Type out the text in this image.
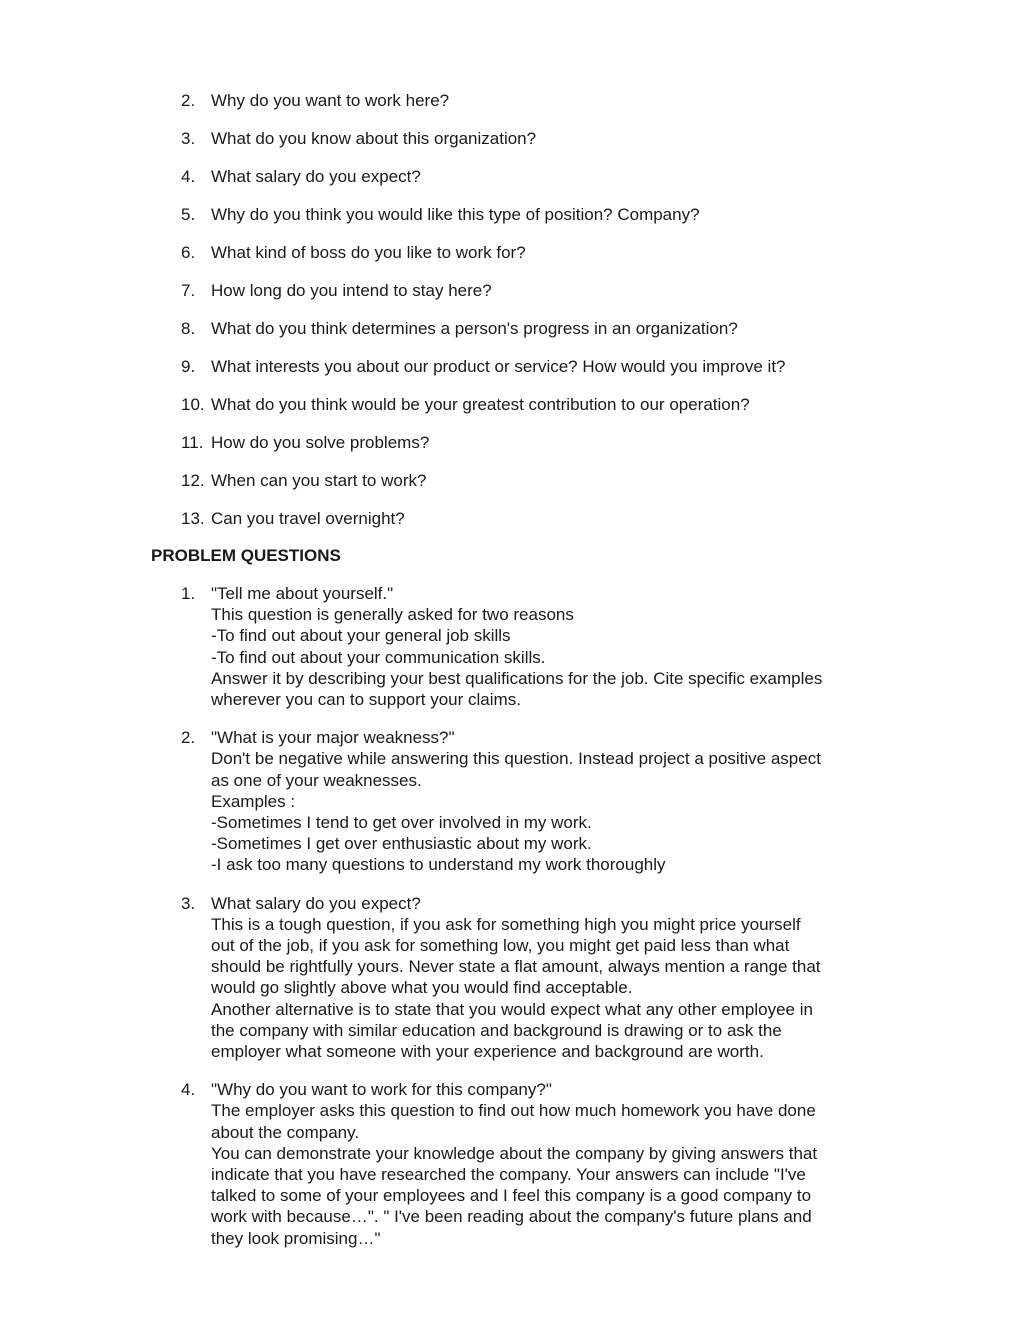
2. Why do you want to work here?
3. What do you know about this organization?
4. What salary do you expect?
5. Why do you think you would like this type of position? Company?
6. What kind of boss do you like to work for?
7. How long do you intend to stay here?
8. What do you think determines a person's progress in an organization?
9. What interests you about our product or service? How would you improve it?
10. What do you think would be your greatest contribution to our operation?
11. How do you solve problems?
12. When can you start to work?
13. Can you travel overnight?
PROBLEM QUESTIONS
1. "Tell me about yourself."
This question is generally asked for two reasons
-To find out about your general job skills
-To find out about your communication skills.
Answer it by describing your best qualifications for the job. Cite specific examples
wherever you can to support your claims.
2. "What is your major weakness?"
Don't be negative while answering this question. Instead project a positive aspect
as one of your weaknesses.
Examples :
-Sometimes I tend to get over involved in my work.
-Sometimes I get over enthusiastic about my work.
-I ask too many questions to understand my work thoroughly
3. What salary do you expect?
This is a tough question, if you ask for something high you might price yourself
out of the job, if you ask for something low, you might get paid less than what
should be rightfully yours. Never state a flat amount, always mention a range that
would go slightly above what you would find acceptable.
Another alternative is to state that you would expect what any other employee in
the company with similar education and background is drawing or to ask the
employer what someone with your experience and background are worth.
4. "Why do you want to work for this company?"
The employer asks this question to find out how much homework you have done
about the company.
You can demonstrate your knowledge about the company by giving answers that
indicate that you have researched the company. Your answers can include "I've
talked to some of your employees and I feel this company is a good company to
work with because…". " I've been reading about the company's future plans and
they look promising…"
